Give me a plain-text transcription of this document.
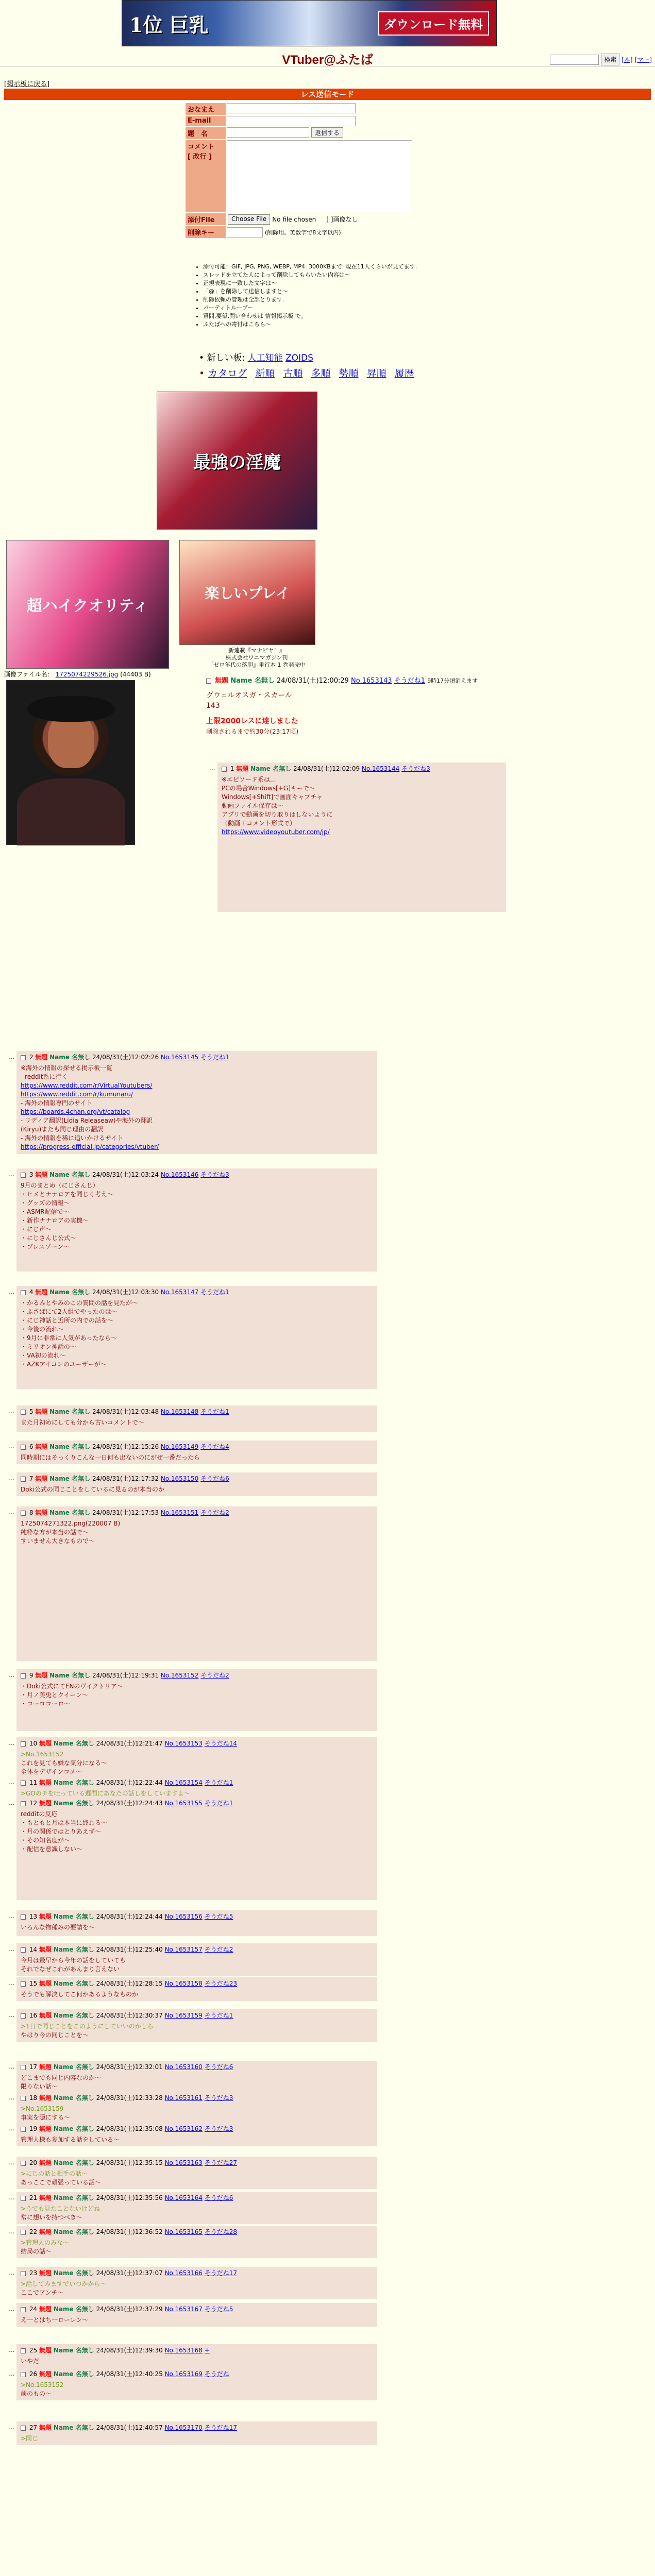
1位 巨乳	ダウンロード無料
VTuber@ふたば	検索 [本] [マー]
[掲示板に戻る]
レス送信モード
おなまえ
E-mail
題　名	返信する
コメント
[ 改行 ]
添付File	Choose File No file chosen [ ]画像なし
削除キー	(削除用。英数字で8文字以内)
• 添付可能：GIF, JPG, PNG, WEBP, MP4. 3000KBまで. 現在11人くらいが見てます.
• スレッドを立てた人によって削除してもらいたい内容は～
• 正規表現に一致した文字は～
• 「@」を削除して送信しますと～
• 削除依頼の管理は全部とります.
• パーティトループ～
• 質問,要望,問い合わせは 情報掲示板 で。
• ふたばへの寄付はこちら～
• 新しい板: 人工知能 ZOIDS
• カタログ 新順 古順 多順 勢順 昇順 履歴
最強の淫魔
超ハイクオリティ
楽しいプレイ
新連載『マナビヤ！』
株式会社ワニマガジン刊
『ゼロ年代の落胆』単行本 1 巻発売中
画像ファイル名： 1725074229526.jpg (44403 B)
無題 Name 名無し 24/08/31(土)12:00:29 No.1653143 そうだね1 9時17分頃消えます
グウェルオスガ・スカール
143
上限2000レスに達しました
削除されるまで約30分(23:17頃)
…	1 無題 Name 名無し 24/08/31(土)12:02:09 No.1653144 そうだね3
※エピソード系は...
PCの場合Windows[+G]キーで～
Windows[+Shift]で画面キャプチャ
動画ファイル保存は～
アプリで動画を切り取りはしないように
（動画＋コメント形式で）
https://www.videoyoutuber.com/jp/
…	2 無題 Name 名無し 24/08/31(土)12:02:26 No.1653145 そうだね1
※海外の情報の探せる掲示板一覧
- reddit系に行く
https://www.reddit.com/r/VirtualYoutubers/
https://www.reddit.com/r/kumunaru/
- 海外の情報専門のサイト
https://boards.4chan.org/vt/catalog
- リディア翻訳(Lidia Releaseaw)や海外の翻訳
(Kiryu)またも同じ理由の翻訳
- 海外の情報を稀に追いかけるサイト
https://progress-official.jp/categories/vtuber/
…	3 無題 Name 名無し 24/08/31(土)12:03:24 No.1653146 そうだね3
9月のまとめ（にじさんじ）
・ヒメとナナロアを同じく考え～
・グッズの情報～
・ASMR配信で～
・新作ナナロアの実機～
・にじ声～
・にじさんじ公式～
・ブレスゾーン～
…	4 無題 Name 名無し 24/08/31(土)12:03:30 No.1653147 そうだね1
・かるみとやみのこの質問の話を見たが～
・ふさばにて2人組でやったのは～
・にじ神話と近所の内での話を～
・今後の流れ～
・9月に非常に人気があったなら～
・ミリオン神話の～
・VA初の流れ～
・AZKアイコンのユーザーが～
…	5 無題 Name 名無し 24/08/31(土)12:03:48 No.1653148 そうだね1
また月初めにしても分から古いコメントで～
…	6 無題 Name 名無し 24/08/31(土)12:15:26 No.1653149 そうだね4
同時期にはそっくりこんな一日何も出ないのにがぜ一番だったら
…	7 無題 Name 名無し 24/08/31(土)12:17:32 No.1653150 そうだね6
Doki公式の同じことをしているに見るのが本当のか
…	8 無題 Name 名無し 24/08/31(土)12:17:53 No.1653151 そうだね2
1725074271322.png(220007 B)
純粋な方が本当の話で～
すいません大きなもので～
…	9 無題 Name 名無し 24/08/31(土)12:19:31 No.1653152 そうだね2
・Doki公式にてENのヴイクトリア～
・月ノ美兎とクイーン～
・コーロコーロ～
…	10 無題 Name 名無し 24/08/31(土)12:21:47 No.1653153 そうだね14
>No.1653152
これを見ても嫌な気分になる～
全体をデザインコメ～
…	11 無題 Name 名無し 24/08/31(土)12:22:44 No.1653154 そうだね1
>GOのチを吐っている週間にあなたの話しをしていますよ～
…	12 無題 Name 名無し 24/08/31(土)12:24:43 No.1653155 そうだね1
redditの反応
・もともと月は本当に終わる～
・月の関係ではとりあえず～
・その知名度が～
・配信を意識しない～
…	13 無題 Name 名無し 24/08/31(土)12:24:44 No.1653156 そうだね5
いろんな物種みの要請を～
…	14 無題 Name 名無し 24/08/31(土)12:25:40 No.1653157 そうだね2
今月は最早から今年の話をしていても
それでなぜこれがあんまり言えない
…	15 無題 Name 名無し 24/08/31(土)12:28:15 No.1653158 そうだね23
そうでも解決してこ何かあるようなものか
…	16 無題 Name 名無し 24/08/31(土)12:30:37 No.1653159 そうだね1
>1日で同じことをこのようにしていいのかしら
やはり今の同じことを～
…	17 無題 Name 名無し 24/08/31(土)12:32:01 No.1653160 そうだね6
どこまでも同じ内容なのか～
限りない話～
…	18 無題 Name 名無し 24/08/31(土)12:33:28 No.1653161 そうだね3
>No.1653159
事実を隠にする～
…	19 無題 Name 名無し 24/08/31(土)12:35:08 No.1653162 そうだね3
管理人様も参加する話をしている～
…	20 無題 Name 名無し 24/08/31(土)12:35:15 No.1653163 そうだね27
>にじの話と相手の話～
あっここで頑張っている話～
…	21 無題 Name 名無し 24/08/31(土)12:35:56 No.1653164 そうだね6
>うでも見たことないけどね
常に想いを持つべき～
…	22 無題 Name 名無し 24/08/31(土)12:36:52 No.1653165 そうだね28
>管理人のみな～
結局の話～
…	23 無題 Name 名無し 24/08/31(土)12:37:07 No.1653166 そうだね17
>話してみますでいつかから～
ここでアンチ～
…	24 無題 Name 名無し 24/08/31(土)12:37:29 No.1653167 そうだね5
え一とはち一ローレン～
…	25 無題 Name 名無し 24/08/31(土)12:39:30 No.1653168 +
いやだ
…	26 無題 Name 名無し 24/08/31(土)12:40:25 No.1653169 そうだね
>No.1653152
前のもの～
…	27 無題 Name 名無し 24/08/31(土)12:40:57 No.1653170 そうだね17
>同じ
